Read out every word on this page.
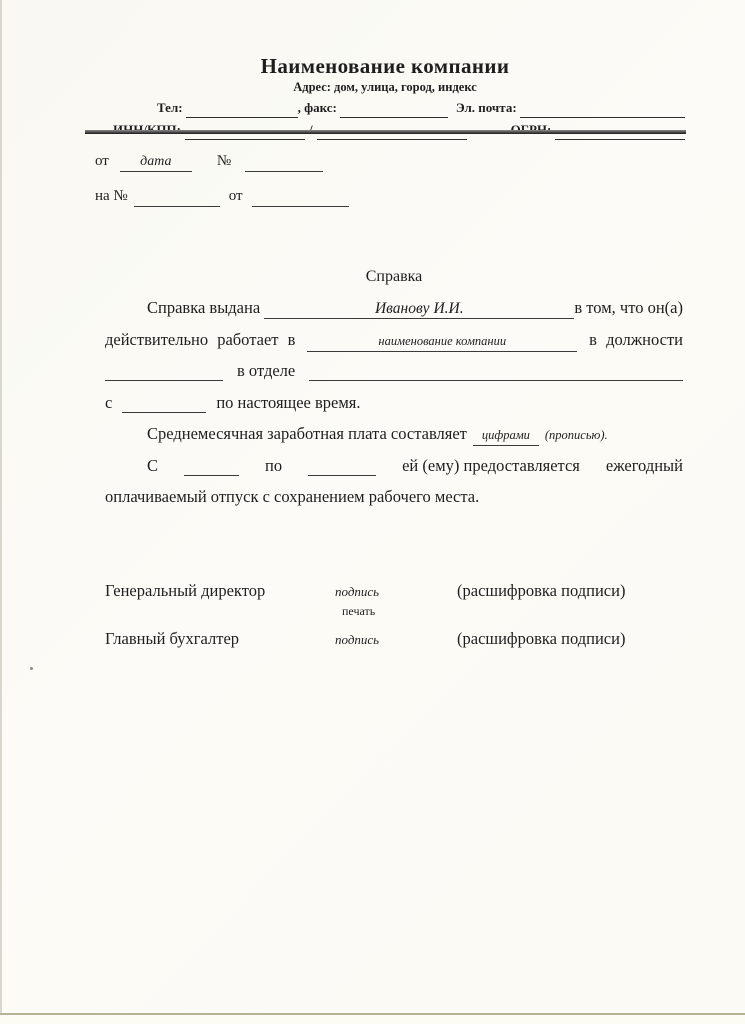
Наименование компании
Адрес: дом, улица, город, индекс
Тел:
	, факс:
	Эл. почта:

от	дата	№

на №
	от

Справка
Справка выдана	Иванову И.И.	в том, что он(а)
действительно работает в	наименование компании	в должности

в отделе

с
	по настоящее время.
Среднемесячная заработная плата составляет	цифрами	(прописью).
С
	по
	ей (ему) предоставляется ежегодный
оплачиваемый отпуск с сохранением рабочего места.
Генеральный директор	подпись	(расшифровка подписи)
печать
Главный бухгалтер	подпись	(расшифровка подписи)
